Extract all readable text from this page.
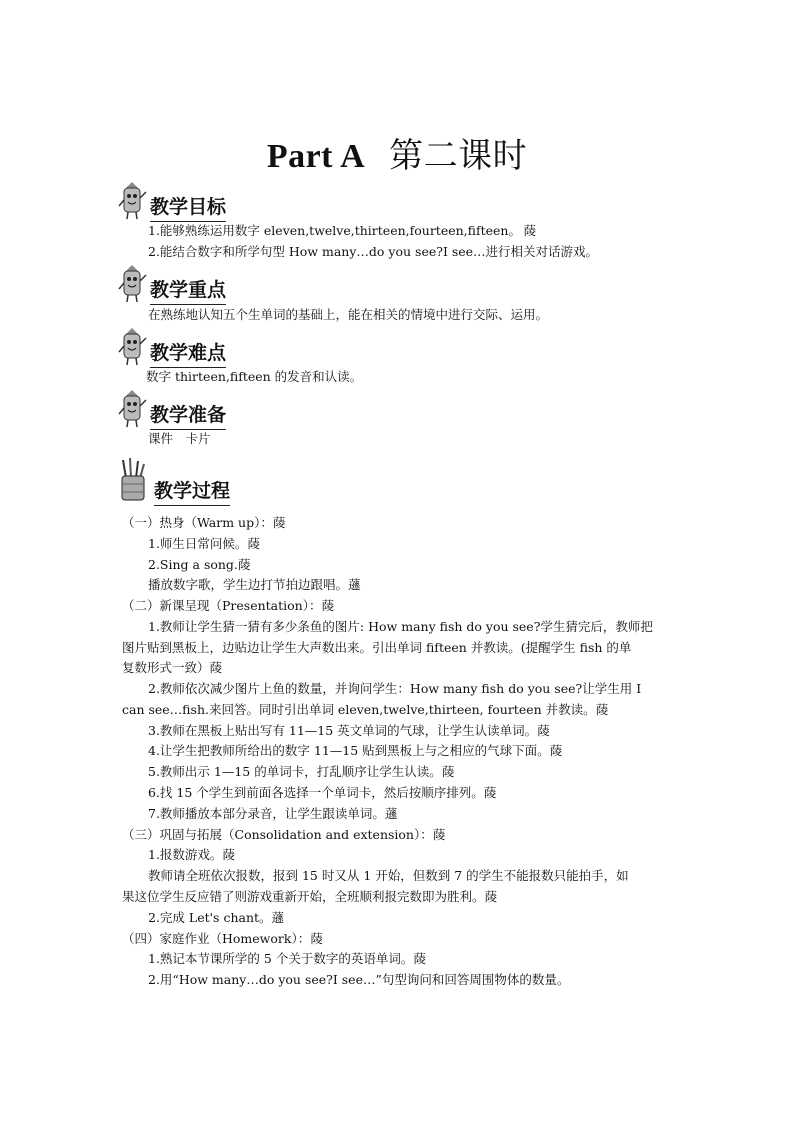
Part A 第二课时
教学目标
1.能够熟练运用数字 eleven,twelve,thirteen,fourteen,fifteen。 䔖
2.能结合数字和所学句型 How many…do you see?I see…进行相关对话游戏。
教学重点
在熟练地认知五个生单词的基础上，能在相关的情境中进行交际、运用。
教学难点
数字 thirteen,fifteen 的发音和认读。
教学准备
课件　卡片
教学过程
（一）热身（Warm up）：䔖
1.师生日常问候。䔖
2.Sing a song.䔖
播放数字歌，学生边打节拍边跟唱。䕖
（二）新课呈现（Presentation）：䔖
1.教师让学生猜一猜有多少条鱼的图片: How many fish do you see?学生猜完后，教师把
图片贴到黑板上，边贴边让学生大声数出来。引出单词 fifteen 并教读。(提醒学生 fish 的单
复数形式一致）䔖
2.教师依次减少图片上鱼的数量，并询问学生：How many fish do you see?让学生用 I
can see…fish.来回答。同时引出单词 eleven,twelve,thirteen, fourteen 并教读。䔖
3.教师在黑板上贴出写有 11—15 英文单词的气球，让学生认读单词。䔖
4.让学生把教师所给出的数字 11—15 贴到黑板上与之相应的气球下面。䔖
5.教师出示 1—15 的单词卡，打乱顺序让学生认读。䔖
6.找 15 个学生到前面各选择一个单词卡，然后按顺序排列。䔖
7.教师播放本部分录音，让学生跟读单词。䕖
（三）巩固与拓展（Consolidation and extension）：䔖
1.报数游戏。䔖
教师请全班依次报数，报到 15 时又从 1 开始，但数到 7 的学生不能报数只能拍手，如
果这位学生反应错了则游戏重新开始，全班顺利报完数即为胜利。䔖
2.完成 Let's chant。䕖
（四）家庭作业（Homework）：䔖
1.熟记本节课所学的 5 个关于数字的英语单词。䔖
2.用“How many…do you see?I see…”句型询问和回答周围物体的数量。
